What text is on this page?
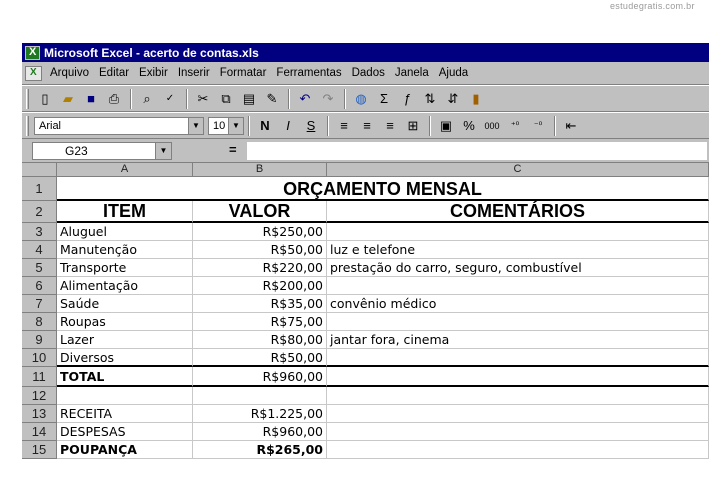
estudegratis.com.br
X
Microsoft Excel - acerto de contas.xls
X
Arquivo Editar Exibir Inserir Formatar Ferramentas Dados Janela Ajuda
▯	▰	■	⎙	⌕	✓	✂ ⧉ ▤ ✎	↶ ↷	◍	Σ	ƒ	⇅ ⇵	▮
Arial	▼ 10 ▼	N	I	S	≡	≡	≡	⊞	▣ %	000	⁺⁰	⁻⁰	⇤
G23	▼	=
A	B	C
1	ORÇAMENTO MENSAL
2	ITEM	VALOR	COMENTÁRIOS
3	Aluguel	R$250,00
4	Manutenção	R$50,00 luz e telefone
5	Transporte	R$220,00 prestação do carro, seguro, combustível
6	Alimentação	R$200,00
7	Saúde	R$35,00 convênio médico
8	Roupas	R$75,00
9	Lazer	R$80,00 jantar fora, cinema
10	Diversos	R$50,00
11	TOTAL	R$960,00
12
13	RECEITA	R$1.225,00
14	DESPESAS	R$960,00
15	POUPANÇA	R$265,00
